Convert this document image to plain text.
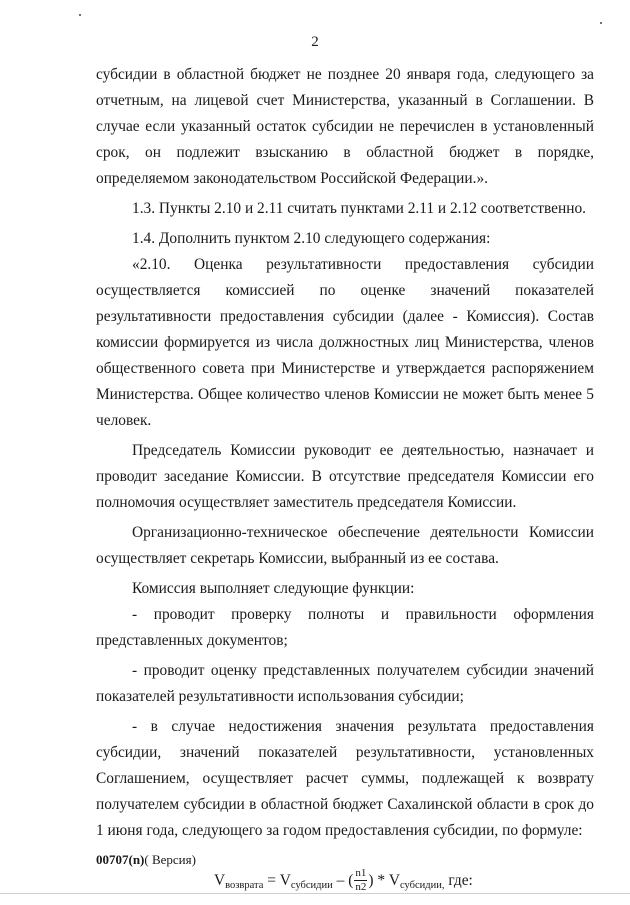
2

субсидии в областной бюджет не позднее 20 января года, следующего за отчетным, на лицевой счет Министерства, указанный в Соглашении. В случае если указанный остаток субсидии не перечислен в установленный срок, он подлежит взысканию в областной бюджет в порядке, определяемом законодательством Российской Федерации.».

1.3. Пункты 2.10 и 2.11 считать пунктами 2.11 и 2.12 соответственно.

1.4. Дополнить пунктом 2.10 следующего содержания:

«2.10. Оценка результативности предоставления субсидии осуществляется комиссией по оценке значений показателей результативности предоставления субсидии (далее - Комиссия). Состав комиссии формируется из числа должностных лиц Министерства, членов общественного совета при Министерстве и утверждается распоряжением Министерства. Общее количество членов Комиссии не может быть менее 5 человек.

Председатель Комиссии руководит ее деятельностью, назначает и проводит заседание Комиссии. В отсутствие председателя Комиссии его полномочия осуществляет заместитель председателя Комиссии.

Организационно-техническое обеспечение деятельности Комиссии осуществляет секретарь Комиссии, выбранный из ее состава.

Комиссия выполняет следующие функции:

- проводит проверку полноты и правильности оформления представленных документов;

- проводит оценку представленных получателем субсидии значений показателей результативности использования субсидии;

- в случае недостижения значения результата предоставления субсидии, значений показателей результативности, установленных Соглашением, осуществляет расчет суммы, подлежащей к возврату получателем субсидии в областной бюджет Сахалинской области в срок до 1 июня года, следующего за годом предоставления субсидии, по формуле:

$V_{возврата} = V_{субсидии}$ – ( $\frac{n1}{n2}$ ) * $V_{субсидии,}$ где:
00707(n)( Версия)
